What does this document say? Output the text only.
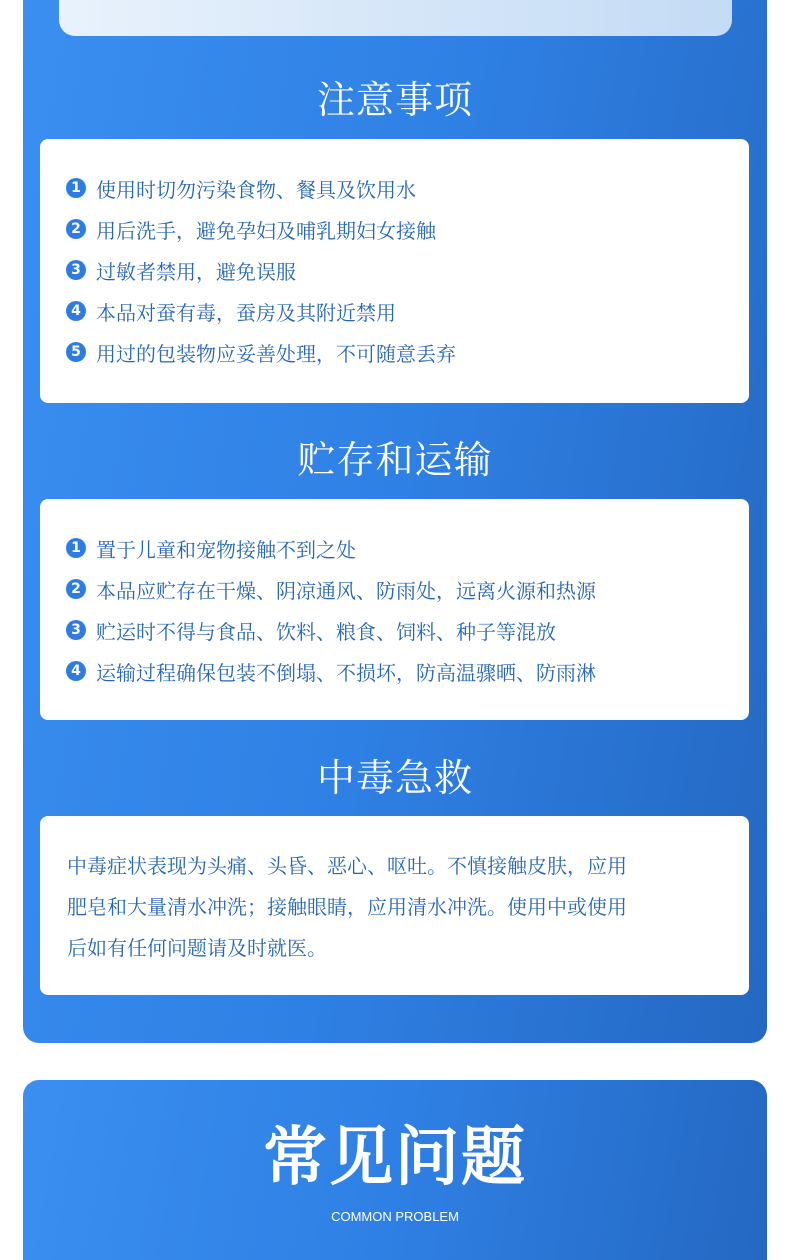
注意事项
1 使用时切勿污染食物、餐具及饮用水
2 用后洗手，避免孕妇及哺乳期妇女接触
3 过敏者禁用，避免误服
4 本品对蚕有毒，蚕房及其附近禁用
5 用过的包装物应妥善处理，不可随意丢弃
贮存和运输
1 置于儿童和宠物接触不到之处
2 本品应贮存在干燥、阴凉通风、防雨处，远离火源和热源
3 贮运时不得与食品、饮料、粮食、饲料、种子等混放
4 运输过程确保包装不倒塌、不损坏，防高温骤晒、防雨淋
中毒急救
中毒症状表现为头痛、头昏、恶心、呕吐。不慎接触皮肤，应用
肥皂和大量清水冲洗；接触眼睛，应用清水冲洗。使用中或使用
后如有任何问题请及时就医。
常见问题
COMMON PROBLEM
